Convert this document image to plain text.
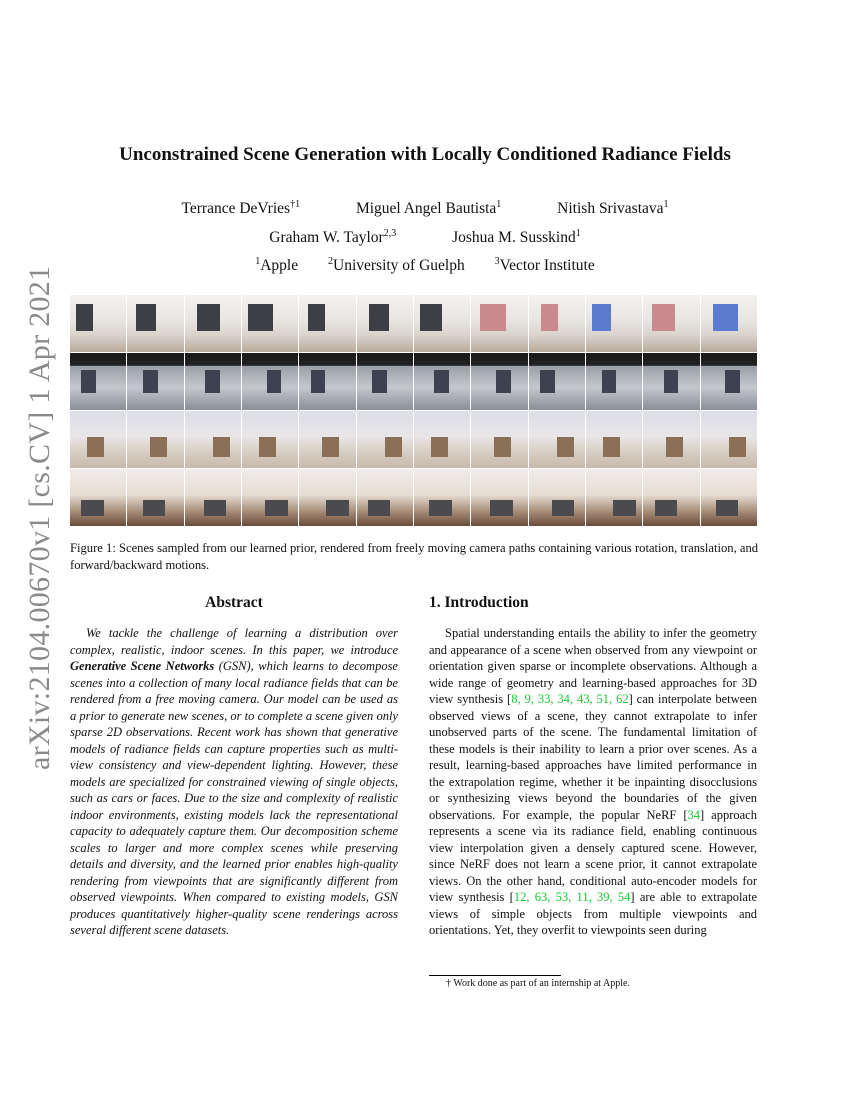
arXiv:2104.00670v1 [cs.CV] 1 Apr 2021
Unconstrained Scene Generation with Locally Conditioned Radiance Fields
Terrance DeVries$^{\dagger 1}$	Miguel Angel Bautista$^1$	Nitish Srivastava$^1$
Graham W. Taylor$^{2,3}$	Joshua M. Susskind$^1$
$^1$Apple	$^2$University of Guelph	$^3$Vector Institute
Figure 1: Scenes sampled from our learned prior, rendered from freely moving camera paths containing various rotation, translation, and forward/backward motions.
Abstract

We tackle the challenge of learning a distribution over complex, realistic, indoor scenes. In this paper, we introduce Generative Scene Networks (GSN), which learns to decompose scenes into a collection of many local radiance fields that can be rendered from a free moving camera. Our model can be used as a prior to generate new scenes, or to complete a scene given only sparse 2D observations. Recent work has shown that generative models of radiance fields can capture properties such as multi-view consistency and view-dependent lighting. However, these models are specialized for constrained viewing of single objects, such as cars or faces. Due to the size and complexity of realistic indoor environments, existing models lack the representational capacity to adequately capture them. Our decomposition scheme scales to larger and more complex scenes while preserving details and diversity, and the learned prior enables high-quality rendering from viewpoints that are significantly different from observed viewpoints. When compared to existing models, GSN produces quantitatively higher-quality scene renderings across several different scene datasets.

1. Introduction

Spatial understanding entails the ability to infer the geometry and appearance of a scene when observed from any viewpoint or orientation given sparse or incomplete observations. Although a wide range of geometry and learning-based approaches for 3D view synthesis [8, 9, 33, 34, 43, 51, 62] can interpolate between observed views of a scene, they cannot extrapolate to infer unobserved parts of the scene. The fundamental limitation of these models is their inability to learn a prior over scenes. As a result, learning-based approaches have limited performance in the extrapolation regime, whether it be inpainting disocclusions or synthesizing views beyond the boundaries of the given observations. For example, the popular NeRF [34] approach represents a scene via its radiance field, enabling continuous view interpolation given a densely captured scene. However, since NeRF does not learn a scene prior, it cannot extrapolate views. On the other hand, conditional auto-encoder models for view synthesis [12, 63, 53, 11, 39, 54] are able to extrapolate views of simple objects from multiple viewpoints and orientations. Yet, they overfit to viewpoints seen during

† Work done as part of an internship at Apple.
